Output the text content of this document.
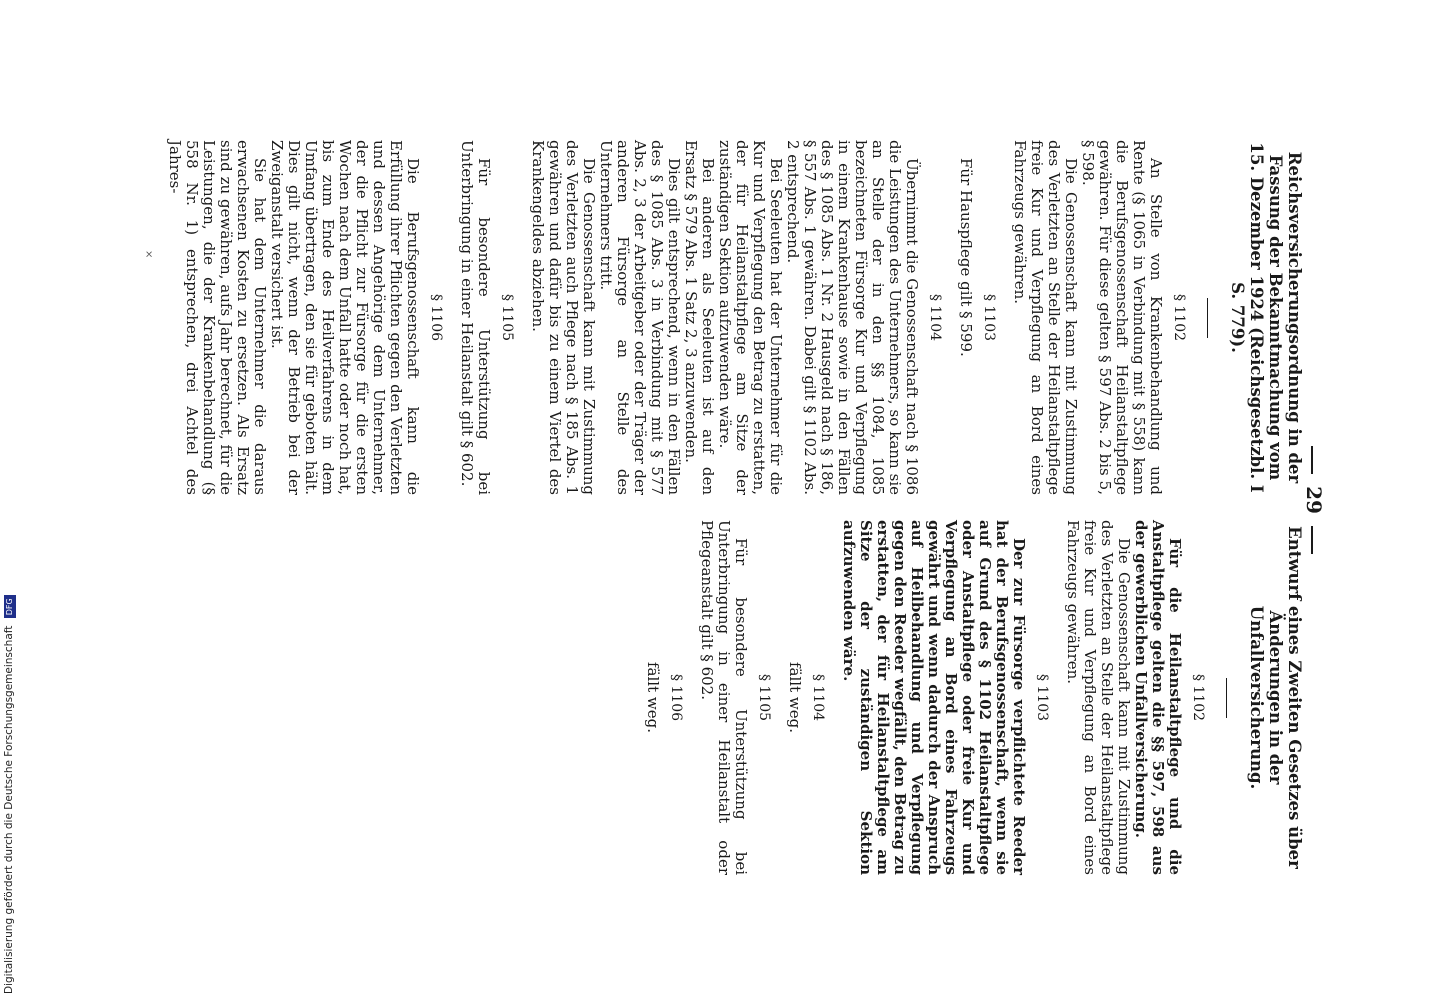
29
Reichsversicherungsordnung in der Fassung der Bekanntmachung vom 15. Dezember 1924 (Reichsgesetzbl. I S. 779).
§ 1102

An Stelle von Krankenbehandlung und Rente (§ 1065 in Verbindung mit § 558) kann die Berufsgenossenschaft Heilanstaltpflege gewähren. Für diese gelten § 597 Abs. 2 bis 5, § 598.

Die Genossenschaft kann mit Zustimmung des Verletzten an Stelle der Heilanstaltpflege freie Kur und Verpflegung an Bord eines Fahrzeugs gewähren.

§ 1103

Für Hauspflege gilt § 599.

§ 1104

Übernimmt die Genossenschaft nach § 1086 die Leistungen des Unternehmers, so kann sie an Stelle der in den §§ 1084, 1085 bezeichneten Fürsorge Kur und Verpflegung in einem Krankenhause sowie in den Fällen des § 1085 Abs. 1 Nr. 2 Hausgeld nach § 186, § 557 Abs. 1 gewähren. Dabei gilt § 1102 Abs. 2 entsprechend.

Bei Seeleuten hat der Unternehmer für die Kur und Verpflegung den Betrag zu erstatten, der für Heilanstaltpflege am Sitze der zuständigen Sektion aufzuwenden wäre.

Bei anderen als Seeleuten ist auf den Ersatz § 579 Abs. 1 Satz 2, 3 anzuwenden.

Dies gilt entsprechend, wenn in den Fällen des § 1085 Abs. 3 in Verbindung mit § 577 Abs. 2, 3 der Arbeitgeber oder der Träger der anderen Fürsorge an Stelle des Unternehmers tritt.

Die Genossenschaft kann mit Zustimmung des Verletzten auch Pflege nach § 185 Abs. 1 gewähren und dafür bis zu einem Viertel des Krankengeldes abziehen.

§ 1105

Für besondere Unterstützung bei Unterbringung in einer Heilanstalt gilt § 602.

§ 1106

Die Berufsgenossenschaft kann die Erfüllung ihrer Pflichten gegen den Verletzten und dessen Angehörige dem Unternehmer, der die Pflicht zur Fürsorge für die ersten Wochen nach dem Unfall hatte oder noch hat, bis zum Ende des Heilverfahrens in dem Umfang übertragen, den sie für geboten hält. Dies gilt nicht, wenn der Betrieb bei der Zweiganstalt versichert ist.

Sie hat dem Unternehmer die daraus erwachsenen Kosten zu ersetzen. Als Ersatz sind zu gewähren, aufs Jahr berechnet, für die Leistungen, die der Krankenbehandlung (§ 558 Nr. 1) entsprechen, drei Achtel des Jahres-

Entwurf eines Zweiten Gesetzes über Änderungen in der Unfallversicherung.
§ 1102

Für die Heilanstaltpflege und die Anstaltpflege gelten die §§ 597, 598 aus der gewerblichen Unfallversicherung.

Die Genossenschaft kann mit Zustimmung des Verletzten an Stelle der Heilanstaltpflege freie Kur und Verpflegung an Bord eines Fahrzeugs gewähren.

§ 1103

Der zur Fürsorge verpflichtete Reeder hat der Berufsgenossenschaft, wenn sie auf Grund des § 1102 Heilanstaltpflege oder Anstaltpflege oder freie Kur und Verpflegung an Bord eines Fahrzeugs gewährt und wenn dadurch der Anspruch auf Heilbehandlung und Verpflegung gegen den Reeder wegfällt, den Betrag zu erstatten, der für Heilanstaltpflege am Sitze der zuständigen Sektion aufzuwenden wäre.

§ 1104

fällt weg.

§ 1105

Für besondere Unterstützung bei Unterbringung in einer Heilanstalt oder Pflegeanstalt gilt § 602.

§ 1106

fällt weg.

×
Digitalisierung gefördert durch die Deutsche Forschungsgemeinschaft DFG
